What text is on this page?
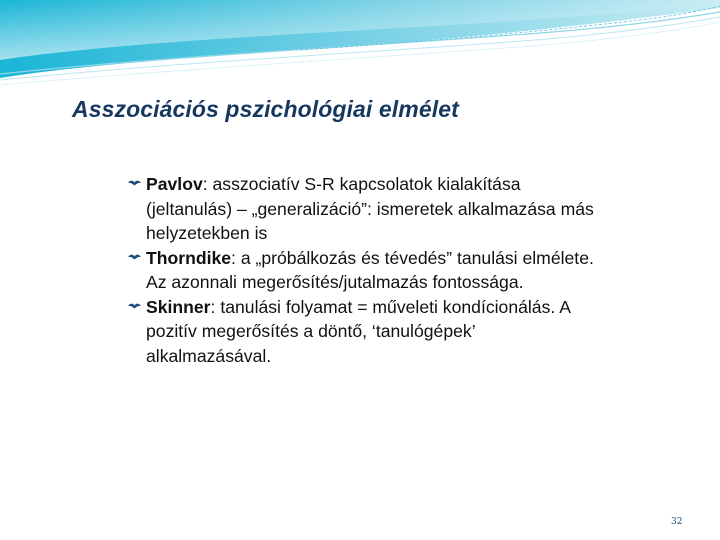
Asszociációs pszichológiai elmélet
Pavlov: asszociatív S-R kapcsolatok kialakítása (jeltanulás) – „generalizáció”: ismeretek alkalmazása más helyzetekben is
Thorndike: a „próbálkozás és tévedés” tanulási elmélete. Az azonnali megerősítés/jutalmazás fontossága.
Skinner: tanulási folyamat = műveleti kondícionálás. A pozitív megerősítés a döntő, ‘tanulógépek’ alkalmazásával.
32
